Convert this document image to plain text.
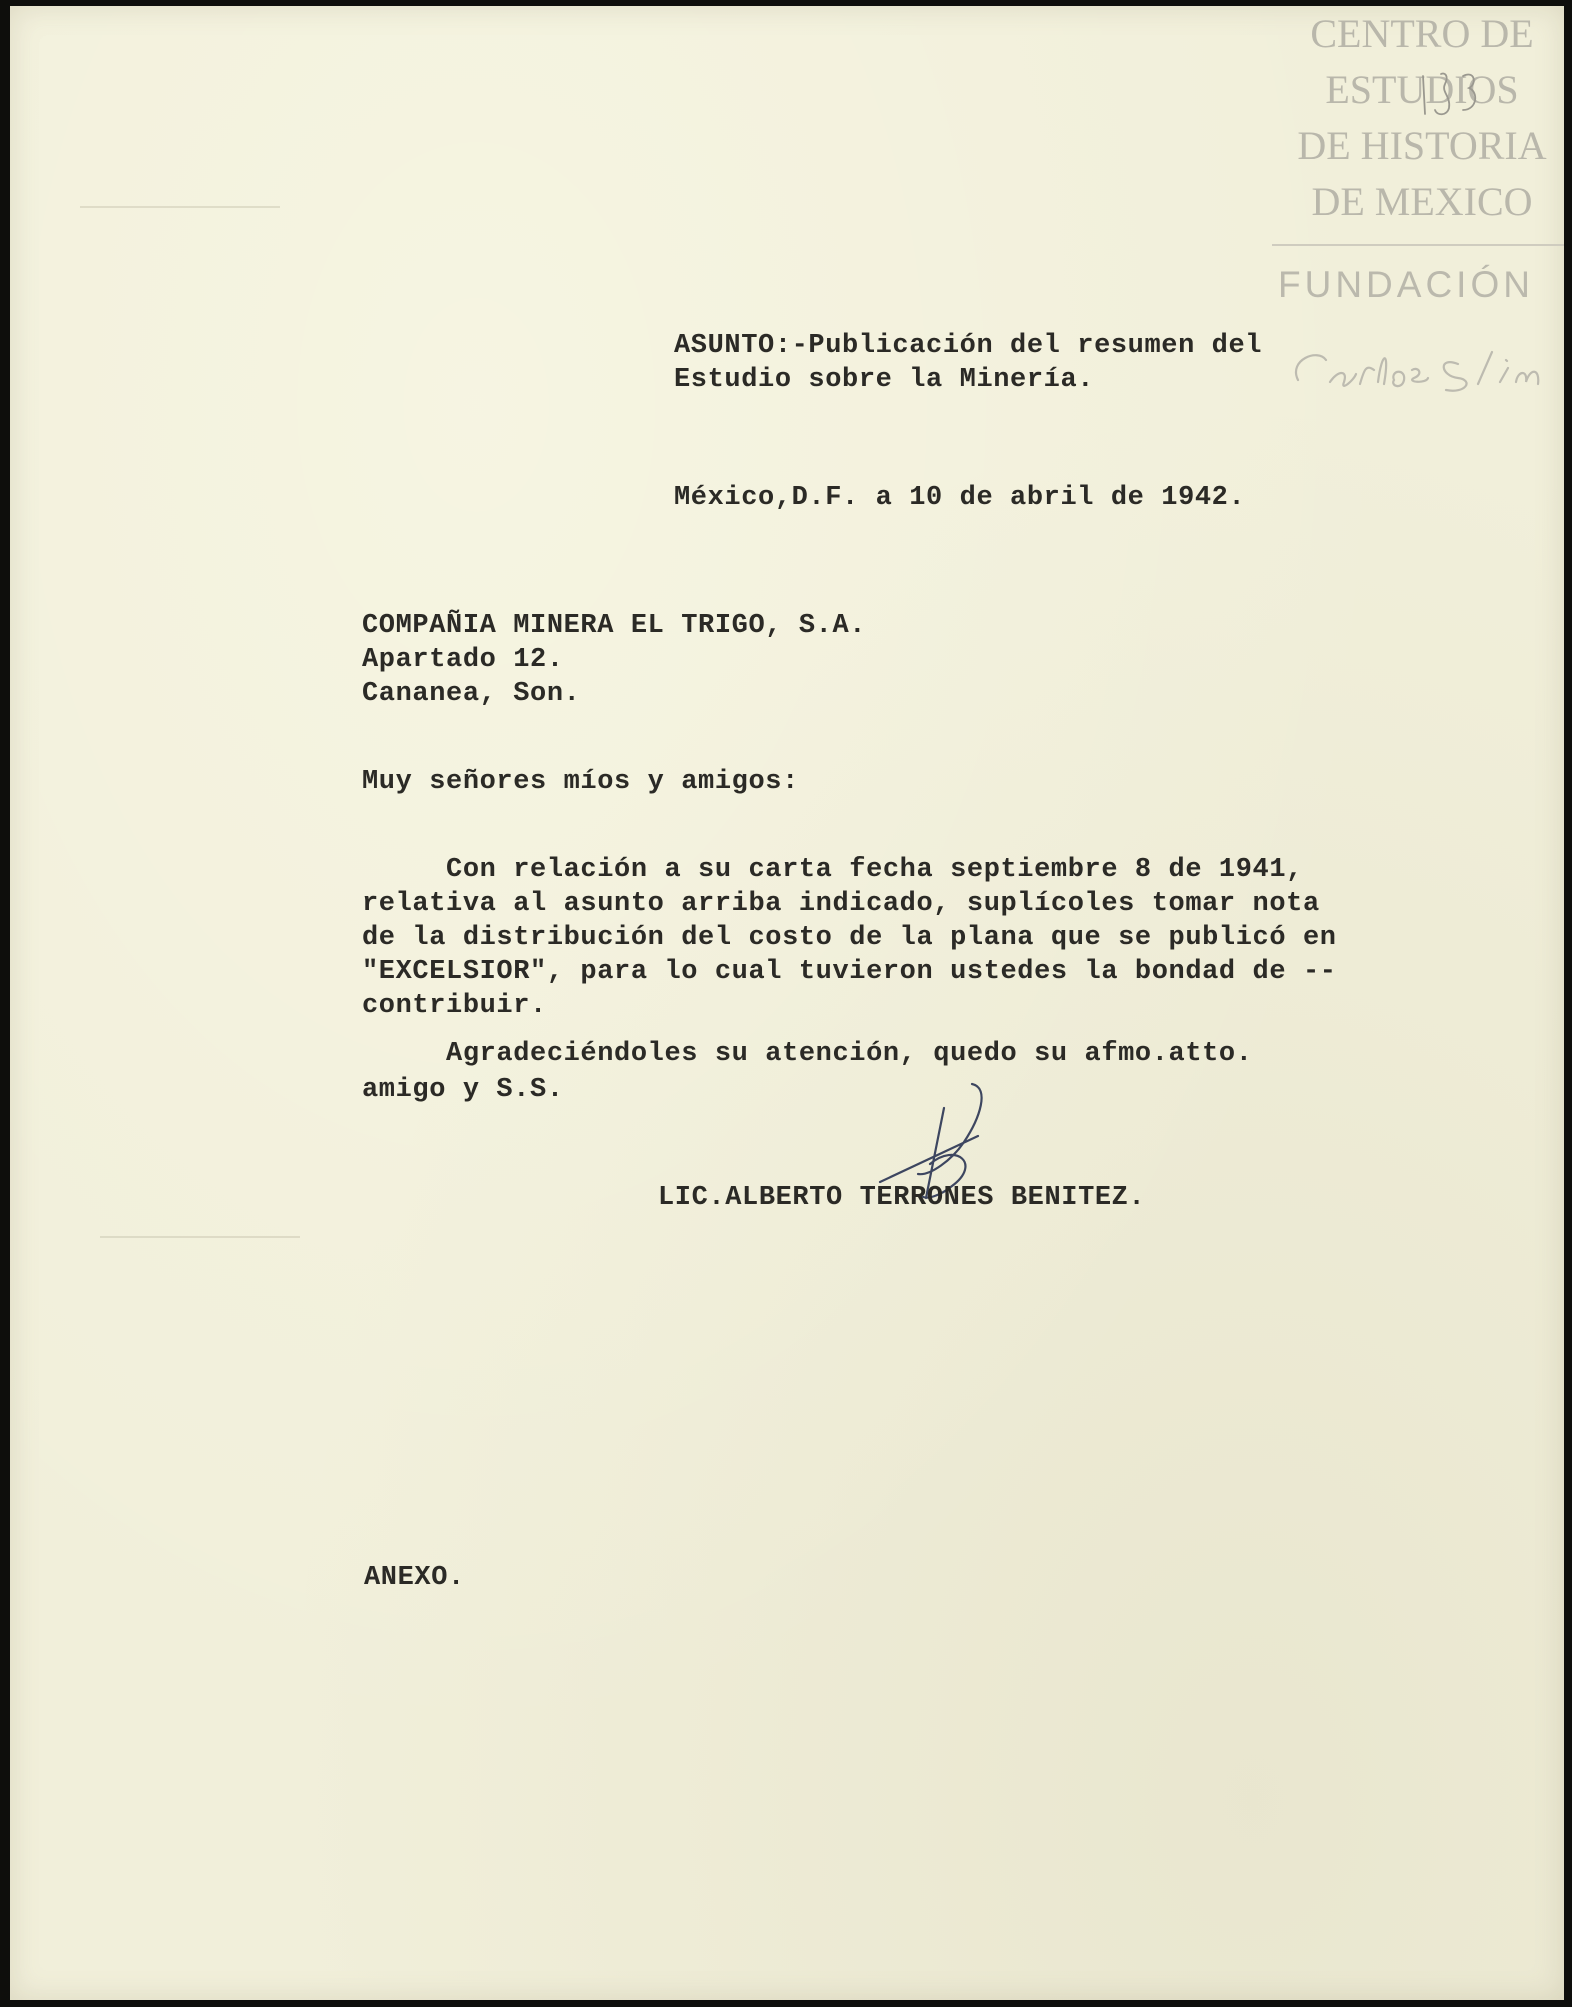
CENTRO DE
ESTUDIOS
DE HISTORIA
DE MEXICO
FUNDACIÓN
ASUNTO:-Publicación del resumen del
Estudio sobre la Minería.
México,D.F. a 10 de abril de 1942.
COMPAÑIA MINERA EL TRIGO, S.A.
Apartado 12.
Cananea, Son.
Muy señores míos y amigos:
Con relación a su carta fecha septiembre 8 de 1941,
relativa al asunto arriba indicado, suplícoles tomar nota
de la distribución del costo de la plana que se publicó en
"EXCELSIOR", para lo cual tuvieron ustedes la bondad de --
contribuir.
Agradeciéndoles su atención, quedo su afmo.atto.
amigo y S.S.
LIC.ALBERTO TERRONES BENITEZ.
ANEXO.
